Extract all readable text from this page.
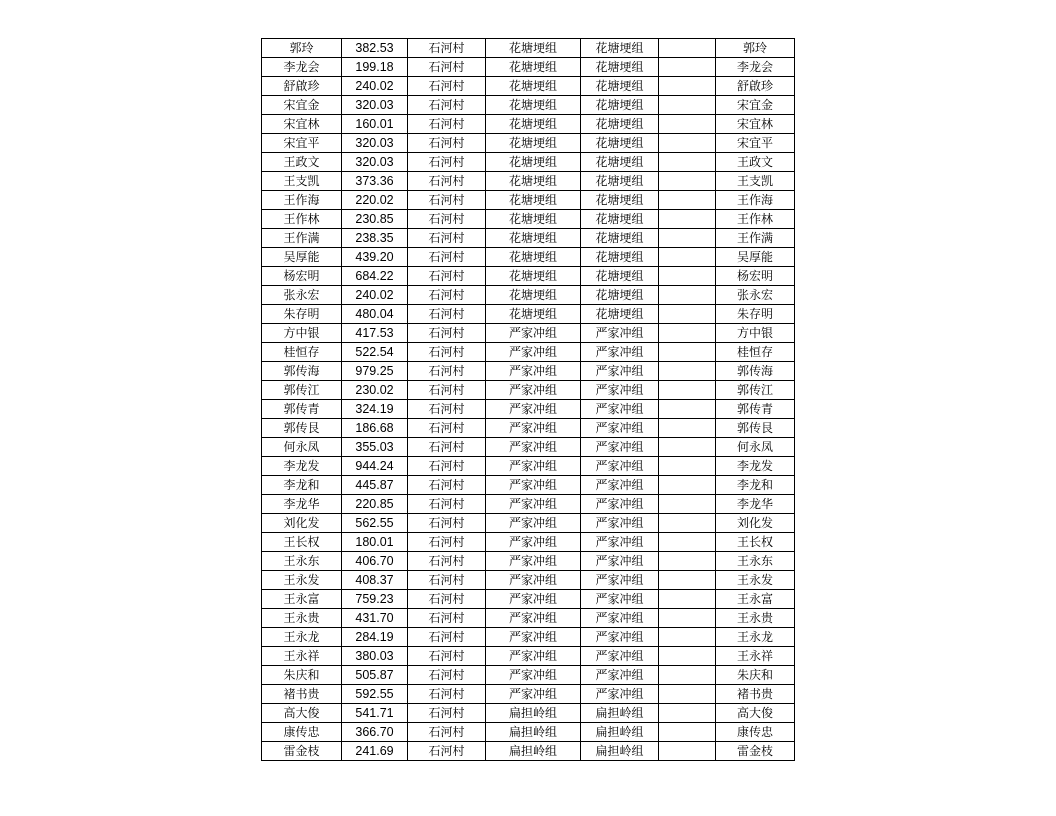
郭玲	382.53	石河村	花塘埂组	花塘埂组		郭玲
李龙会	199.18	石河村	花塘埂组	花塘埂组		李龙会
舒啟珍	240.02	石河村	花塘埂组	花塘埂组		舒啟珍
宋宜金	320.03	石河村	花塘埂组	花塘埂组		宋宜金
宋宜林	160.01	石河村	花塘埂组	花塘埂组		宋宜林
宋宜平	320.03	石河村	花塘埂组	花塘埂组		宋宜平
王政文	320.03	石河村	花塘埂组	花塘埂组		王政文
王支凯	373.36	石河村	花塘埂组	花塘埂组		王支凯
王作海	220.02	石河村	花塘埂组	花塘埂组		王作海
王作林	230.85	石河村	花塘埂组	花塘埂组		王作林
王作满	238.35	石河村	花塘埂组	花塘埂组		王作满
吴厚能	439.20	石河村	花塘埂组	花塘埂组		吴厚能
杨宏明	684.22	石河村	花塘埂组	花塘埂组		杨宏明
张永宏	240.02	石河村	花塘埂组	花塘埂组		张永宏
朱存明	480.04	石河村	花塘埂组	花塘埂组		朱存明
方中银	417.53	石河村	严家冲组	严家冲组		方中银
桂恒存	522.54	石河村	严家冲组	严家冲组		桂恒存
郭传海	979.25	石河村	严家冲组	严家冲组		郭传海
郭传江	230.02	石河村	严家冲组	严家冲组		郭传江
郭传青	324.19	石河村	严家冲组	严家冲组		郭传青
郭传艮	186.68	石河村	严家冲组	严家冲组		郭传艮
何永凤	355.03	石河村	严家冲组	严家冲组		何永凤
李龙发	944.24	石河村	严家冲组	严家冲组		李龙发
李龙和	445.87	石河村	严家冲组	严家冲组		李龙和
李龙华	220.85	石河村	严家冲组	严家冲组		李龙华
刘化发	562.55	石河村	严家冲组	严家冲组		刘化发
王长权	180.01	石河村	严家冲组	严家冲组		王长权
王永东	406.70	石河村	严家冲组	严家冲组		王永东
王永发	408.37	石河村	严家冲组	严家冲组		王永发
王永富	759.23	石河村	严家冲组	严家冲组		王永富
王永贵	431.70	石河村	严家冲组	严家冲组		王永贵
王永龙	284.19	石河村	严家冲组	严家冲组		王永龙
王永祥	380.03	石河村	严家冲组	严家冲组		王永祥
朱庆和	505.87	石河村	严家冲组	严家冲组		朱庆和
褚书贵	592.55	石河村	严家冲组	严家冲组		褚书贵
高大俊	541.71	石河村	扁担岭组	扁担岭组		高大俊
康传忠	366.70	石河村	扁担岭组	扁担岭组		康传忠
雷金枝	241.69	石河村	扁担岭组	扁担岭组		雷金枝
